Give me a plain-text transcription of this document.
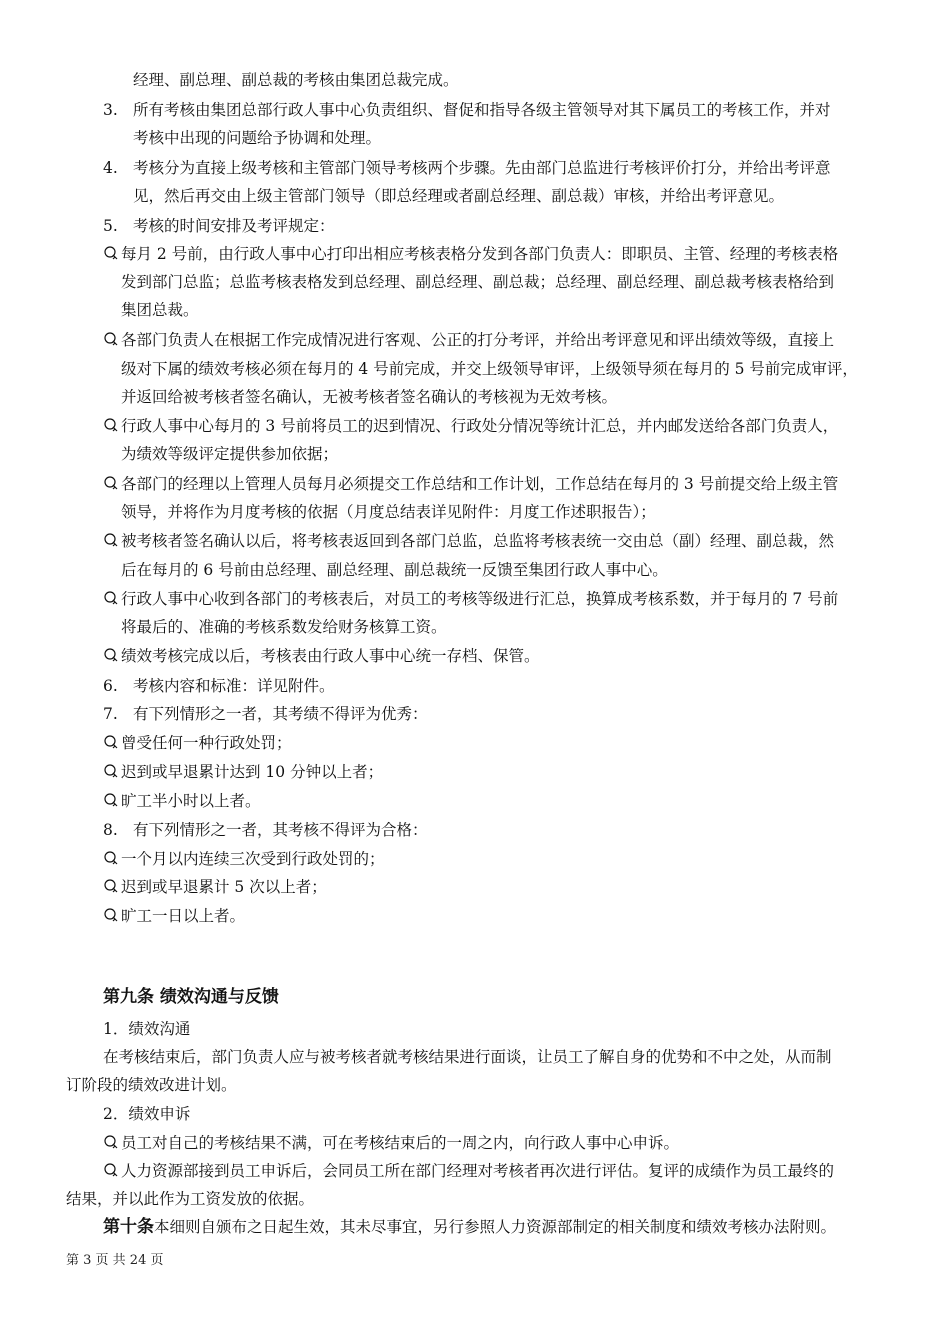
经理、副总理、副总裁的考核由集团总裁完成。
3. 所有考核由集团总部行政人事中心负责组织、督促和指导各级主管领导对其下属员工的考核工作，并对
考核中出现的问题给予协调和处理。
4. 考核分为直接上级考核和主管部门领导考核两个步骤。先由部门总监进行考核评价打分，并给出考评意
见，然后再交由上级主管部门领导（即总经理或者副总经理、副总裁）审核，并给出考评意见。
5. 考核的时间安排及考评规定：
每月 2 号前，由行政人事中心打印出相应考核表格分发到各部门负责人：即职员、主管、经理的考核表格
发到部门总监；总监考核表格发到总经理、副总经理、副总裁；总经理、副总经理、副总裁考核表格给到
集团总裁。
各部门负责人在根据工作完成情况进行客观、公正的打分考评，并给出考评意见和评出绩效等级，直接上
级对下属的绩效考核必须在每月的 4 号前完成，并交上级领导审评，上级领导须在每月的 5 号前完成审评，
并返回给被考核者签名确认，无被考核者签名确认的考核视为无效考核。
行政人事中心每月的 3 号前将员工的迟到情况、行政处分情况等统计汇总，并内邮发送给各部门负责人，
为绩效等级评定提供参加依据；
各部门的经理以上管理人员每月必须提交工作总结和工作计划，工作总结在每月的 3 号前提交给上级主管
领导，并将作为月度考核的依据（月度总结表详见附件：月度工作述职报告）；
被考核者签名确认以后，将考核表返回到各部门总监，总监将考核表统一交由总（副）经理、副总裁，然
后在每月的 6 号前由总经理、副总经理、副总裁统一反馈至集团行政人事中心。
行政人事中心收到各部门的考核表后，对员工的考核等级进行汇总，换算成考核系数，并于每月的 7 号前
将最后的、准确的考核系数发给财务核算工资。
绩效考核完成以后，考核表由行政人事中心统一存档、保管。
6. 考核内容和标准：详见附件。
7. 有下列情形之一者，其考绩不得评为优秀：
曾受任何一种行政处罚；
迟到或早退累计达到 10 分钟以上者；
旷工半小时以上者。
8. 有下列情形之一者，其考核不得评为合格：
一个月以内连续三次受到行政处罚的；
迟到或早退累计 5 次以上者；
旷工一日以上者。
第九条 绩效沟通与反馈
1．绩效沟通
在考核结束后，部门负责人应与被考核者就考核结果进行面谈，让员工了解自身的优势和不中之处，从而制
订阶段的绩效改进计划。
2．绩效申诉
员工对自己的考核结果不满，可在考核结束后的一周之内，向行政人事中心申诉。
人力资源部接到员工申诉后，会同员工所在部门经理对考核者再次进行评估。复评的成绩作为员工最终的
结果，并以此作为工资发放的依据。
第十条本细则自颁布之日起生效，其未尽事宜，另行参照人力资源部制定的相关制度和绩效考核办法附则。
第 3 页 共 24 页
